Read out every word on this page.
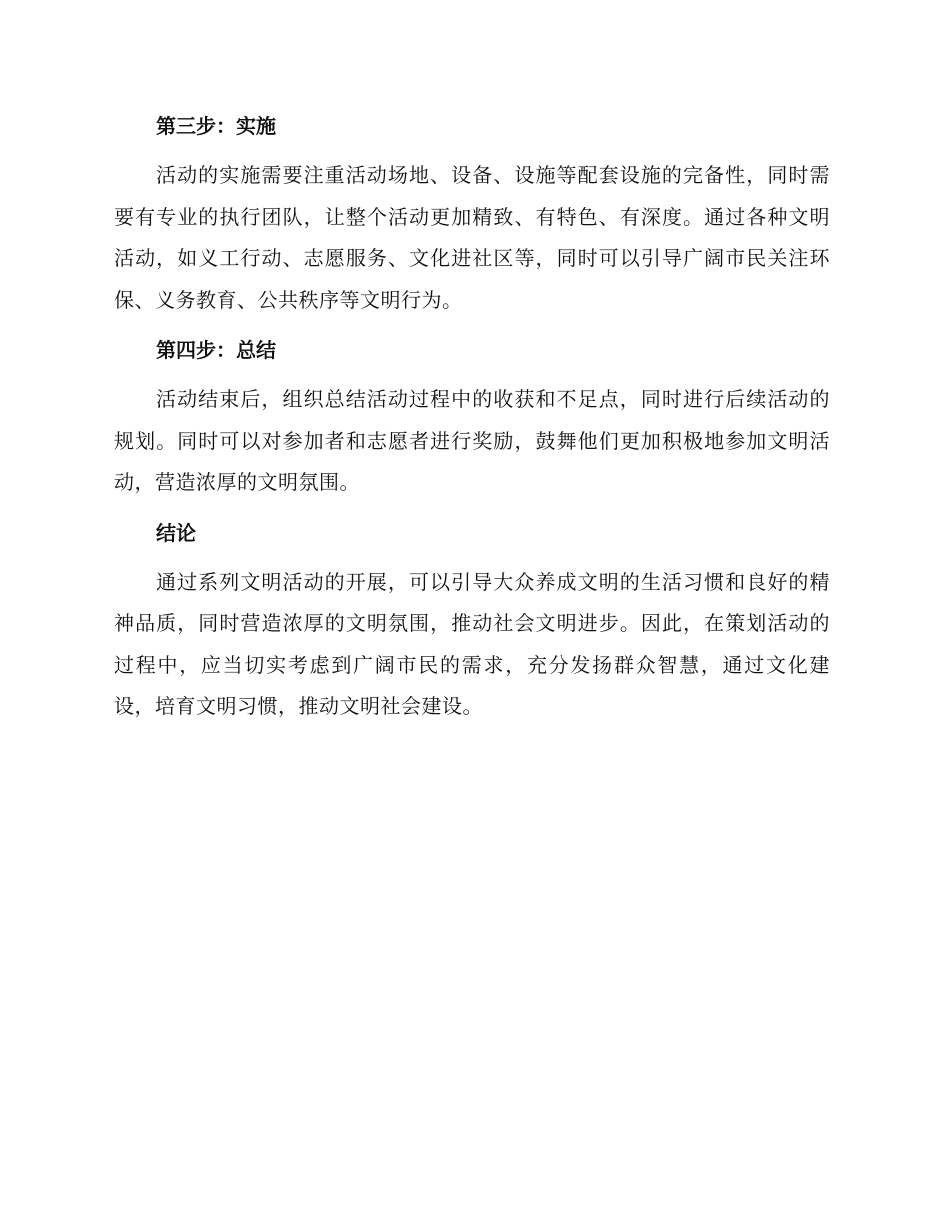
第三步：实施

活动的实施需要注重活动场地、设备、设施等配套设施的完备性，同时需要有专业的执行团队，让整个活动更加精致、有特色、有深度。通过各种文明活动，如义工行动、志愿服务、文化进社区等，同时可以引导广阔市民关注环保、义务教育、公共秩序等文明行为。

第四步：总结

活动结束后，组织总结活动过程中的收获和不足点，同时进行后续活动的规划。同时可以对参加者和志愿者进行奖励，鼓舞他们更加积极地参加文明活动，营造浓厚的文明氛围。

结论

通过系列文明活动的开展，可以引导大众养成文明的生活习惯和良好的精神品质，同时营造浓厚的文明氛围，推动社会文明进步。因此，在策划活动的过程中，应当切实考虑到广阔市民的需求，充分发扬群众智慧，通过文化建设，培育文明习惯，推动文明社会建设。
